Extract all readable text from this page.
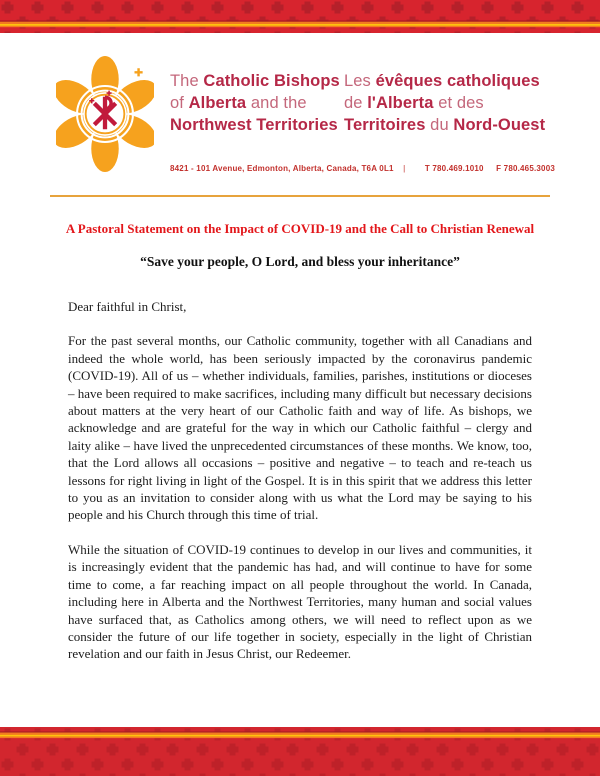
The Catholic Bishops
of Alberta and the
Northwest Territories
Les évêques catholiques
de l'Alberta et des
Territoires du Nord-Ouest
8421 - 101 Avenue, Edmonton, Alberta, Canada, T6A 0L1 | T 780.469.1010 F 780.465.3003
A Pastoral Statement on the Impact of COVID-19 and the Call to Christian Renewal

“Save your people, O Lord, and bless your inheritance”

Dear faithful in Christ,

For the past several months, our Catholic community, together with all Canadians and indeed the whole world, has been seriously impacted by the coronavirus pandemic (COVID-19). All of us – whether individuals, families, parishes, institutions or dioceses – have been required to make sacrifices, including many difficult but necessary decisions about matters at the very heart of our Catholic faith and way of life. As bishops, we acknowledge and are grateful for the way in which our Catholic faithful – clergy and laity alike – have lived the unprecedented circumstances of these months. We know, too, that the Lord allows all occasions – positive and negative – to teach and re-teach us lessons for right living in light of the Gospel. It is in this spirit that we address this letter to you as an invitation to consider along with us what the Lord may be saying to his people and his Church through this time of trial.

While the situation of COVID-19 continues to develop in our lives and communities, it is increasingly evident that the pandemic has had, and will continue to have for some time to come, a far reaching impact on all people throughout the world. In Canada, including here in Alberta and the Northwest Territories, many human and social values have surfaced that, as Catholics among others, we will need to reflect upon as we consider the future of our life together in society, especially in the light of Christian revelation and our faith in Jesus Christ, our Redeemer.
